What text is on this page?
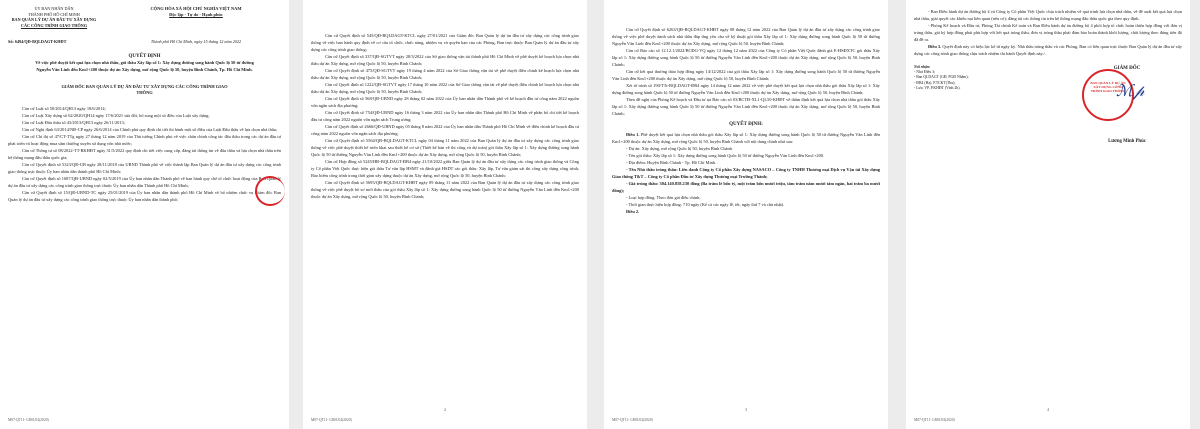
ỦY BAN NHÂN DÂN
THÀNH PHỐ HỒ CHÍ MINH
BAN QUẢN LÝ DỰ ÁN ĐẦU TƯ XÂY DỰNG
CÁC CÔNG TRÌNH GIAO THÔNG
CỘNG HÒA XÃ HỘI CHỦ NGHĨA VIỆT NAM
Độc lập - Tự do - Hạnh phúc
Số: 6494/QĐ-BQLDAGT-KHĐT	Thành phố Hồ Chí Minh, ngày 15 tháng 12 năm 2022
QUYẾT ĐỊNH
Về việc phê duyệt kết quả lựa chọn nhà thầu, gói thầu Xây lắp số 1: Xây dựng đường song hành Quốc lộ 50 từ đường Nguyễn Văn Linh đến Km1+200 thuộc dự án Xây dựng, mở rộng Quốc lộ 50, huyện Bình Chánh, Tp. Hồ Chí Minh.
GIÁM ĐỐC BAN QUẢN LÝ DỰ ÁN ĐẦU TƯ XÂY DỰNG CÁC CÔNG TRÌNH GIAO THÔNG

Căn cứ Luật số 50/2014/QH13 ngày 18/6/2014;

Căn cứ Luật Xây dựng số 62/2020/QH14 ngày 17/6/2021 sửa đổi, bổ sung một số điều của Luật xây dựng;

Căn cứ Luật Đấu thầu số 43/2013/QH13 ngày 26/11/2013;

Căn cứ Nghị định 63/2014/NĐ-CP ngày 26/6/2014 của Chính phủ quy định chi tiết thi hành một số điều của Luật Đấu thầu về lựa chọn nhà thầu;

Căn cứ Chỉ thị số 47/CT-TTg ngày 27 tháng 12 năm 2019 của Thủ tướng Chính phủ về việc chấn chỉnh công tác đấu thầu trong các dự án đầu tư phát triển và hoạt động mua sắm thường xuyên sử dụng vốn nhà nước;

Căn cứ Thông tư số 08/2022-TT-BKHĐT ngày 31/5/2022 quy định chi tiết việc cung cấp, đăng tải thông tin về đấu thầu và lựa chọn nhà thầu trên hệ thống mạng đấu thầu quốc gia;

Căn cứ Quyết định số 5323/QĐ-UB ngày 28/11/2018 của UBND Thành phố về việc thành lập Ban Quản lý dự án đầu tư xây dựng các công trình giao thông trực thuộc Ủy ban nhân dân thành phố Hồ Chí Minh;

Căn cứ Quyết định số 1687/QĐ-UBND ngày 02/5/2019 của Ủy ban nhân dân Thành phố về ban hành quy chế tổ chức hoạt động của Ban Quản lý dự án đầu tư xây dựng các công trình giao thông trực thuộc Ủy ban nhân dân Thành phố Hồ Chí Minh;

Căn cứ Quyết định số 15/QĐ-UBND-TC ngày 25/01/2019 của Ủy ban nhân dân thành phố Hồ Chí Minh về bổ nhiệm chức vụ Giám đốc Ban Quản lý dự án đầu tư xây dựng các công trình giao thông trực thuộc Ủy ban nhân dân thành phố;

M07-QT11- LB01/02(2020)

Căn cứ Quyết định số 545/QĐ-BQLDAGT-KTCL ngày 27/01/2021 của Giám đốc Ban Quản lý dự án đầu tư xây dựng các công trình giao thông về việc ban hành quy định về cơ cấu tổ chức, chức năng, nhiệm vụ và quyền hạn của các Phòng, Ban trực thuộc Ban Quản lý dự án đầu tư xây dựng các công trình giao thông;

Căn cứ Quyết định số 337/QĐ-SGTVT ngày 28/3/2022 của Sở giao thông vận tải thành phố Hồ Chí Minh về phê duyệt kế hoạch lựa chọn nhà thầu dự án Xây dựng, mở rộng Quốc lộ 50, huyện Bình Chánh;

Căn cứ Quyết định số 475/QĐ-SGTVT ngày 19 tháng 4 năm 2022 của Sở Giao thông vận tải về phê duyệt điều chỉnh kế hoạch lựa chọn nhà thầu dự án Xây dựng, mở rộng Quốc lộ 50, huyện Bình Chánh;

Căn cứ Quyết định số 1222/QĐ-SGTVT ngày 17 tháng 10 năm 2022 của Sở Giao thông vận tải về phê duyệt điều chỉnh kế hoạch lựa chọn nhà thầu dự án Xây dựng, mở rộng Quốc lộ 50, huyện Bình Chánh;

Căn cứ Quyết định số 568/QĐ-UBND ngày 28 tháng 02 năm 2022 của Ủy ban nhân dân Thành phố về kế hoạch đầu tư công năm 2022 nguồn vốn ngân sách địa phương;

Căn cứ Quyết định số 754/QĐ-UBND ngày 16 tháng 3 năm 2022 của Ủy ban nhân dân Thành phố Hồ Chí Minh về phân bổ chi tiết kế hoạch đầu tư công năm 2022 nguồn vốn ngân sách Trung ương;

Căn cứ Quyết định số 2666/QĐ-UBND ngày 05 tháng 8 năm 2022 của Ủy ban nhân dân Thành phố Hồ Chí Minh về điều chỉnh kế hoạch đầu tư công năm 2022 nguồn vốn ngân sách địa phương;

Căn cứ Quyết định số 5564/QĐ-BQLDAGT-KTCL ngày 04 tháng 11 năm 2022 của Ban Quản lý dự án đầu tư xây dựng các công trình giao thông về việc phê duyệt thiết kế triển khai sau thiết kế cơ sở (Thiết kế bản vẽ thi công và dự toán) gói thầu Xây lắp số 1: Xây dựng đường song hành Quốc lộ 50 từ đường Nguyễn Văn Linh đến Km1+200 thuộc dự án Xây dựng, mở rộng Quốc lộ 50, huyện Bình Chánh;

Căn cứ Hợp đồng số 5245/HĐ-BQLDAGT-ĐB4 ngày 21/10/2022 giữa Ban Quản lý dự án đầu tư xây dựng các công trình giao thông và Công ty Cổ phần Việt Quốc thực hiện gói thầu Tư vấn lập HSMT và đánh giá HSDT các gói thầu: Xây lắp, Tư vấn giám sát thi công xây dựng công trình, Bảo hiểm công trình trong thời gian xây dựng thuộc dự án Xây dựng, mở rộng Quốc lộ 50, huyện Bình Chánh;

Căn cứ Quyết định số 5695/QĐ-BQLDAGT-KHĐT ngày 09 tháng 11 năm 2022 của Ban Quản lý dự án đầu tư xây dựng các công trình giao thông về việc phê duyệt hồ sơ mời thầu của gói thầu Xây lắp số 1: Xây dựng đường song hành Quốc lộ 50 từ đường Nguyễn Văn Linh đến Km1+200 thuộc dự án Xây dựng, mở rộng Quốc lộ 50, huyện Bình Chánh;

2
M07-QT11- LB01/02(2020)

Căn cứ Quyết định số 6263/QĐ-BQLDAGT-KHĐT ngày 08 tháng 12 năm 2022 của Ban Quản lý dự án đầu tư xây dựng các công trình giao thông về việc phê duyệt danh sách nhà thầu đáp ứng yêu cầu về kỹ thuật gói thầu Xây lắp số 1: Xây dựng đường song hành Quốc lộ 50 từ đường Nguyễn Văn Linh đến Km1+200 thuộc dự án Xây dựng, mở rộng Quốc lộ 50, huyện Bình Chánh;

Căn cứ Báo cáo số 12.12.1/2022/BCĐG-VQ ngày 12 tháng 12 năm 2022 của Công ty Cổ phần Việt Quốc đánh giá E-HSĐXTC gói thầu Xây lắp số 1: Xây dựng đường song hành Quốc lộ 50 từ đường Nguyễn Văn Linh đến Km1+200 thuộc dự án Xây dựng, mở rộng Quốc lộ 50, huyện Bình Chánh;

Căn cứ kết quả thương thảo hợp đồng ngày 14/12/2022 của gói thầu Xây lắp số 1: Xây dựng đường song hành Quốc lộ 50 từ đường Nguyễn Văn Linh đến Km1+200 thuộc dự án Xây dựng, mở rộng Quốc lộ 50, huyện Bình Chánh;

Xét tờ trình số 190/TTr-BQLDAGT-ĐB4 ngày 14 tháng 12 năm 2022 về việc phê duyệt kết quả lựa chọn nhà thầu gói thầu Xây lắp số 1: Xây dựng đường song hành Quốc lộ 50 từ đường Nguyễn Văn Linh đến Km1+200 thuộc dự án Xây dựng, mở rộng Quốc lộ 50, huyện Bình Chánh;

Theo đề nghị của Phòng Kế hoạch và Đầu tư tại Báo cáo số 03/BCTĐ-XL1-QL50-KHĐT về thẩm định kết quả lựa chọn nhà thầu gói thầu Xây lắp số 1: Xây dựng đường song hành Quốc lộ 50 từ đường Nguyễn Văn Linh đến Km1+200 thuộc dự án Xây dựng, mở rộng Quốc lộ 50, huyện Bình Chánh;

QUYẾT ĐỊNH:

Điều 1. Phê duyệt kết quả lựa chọn nhà thầu gói thầu Xây lắp số 1: Xây dựng đường song hành Quốc lộ 50 từ đường Nguyễn Văn Linh đến Km1+200 thuộc dự án Xây dựng, mở rộng Quốc lộ 50, huyện Bình Chánh với nội dung chính như sau:

- Dự án: Xây dựng, mở rộng Quốc lộ 50, huyện Bình Chánh.

- Tên gói thầu: Xây lắp số 1: Xây dựng đường song hành Quốc lộ 50 từ đường Nguyễn Văn Linh đến Km1+200.

- Địa điểm: Huyện Bình Chánh - Tp. Hồ Chí Minh.

- Tên Nhà thầu trúng thầu: Liên danh Công ty Cổ phần Xây dựng NASACO – Công ty TNHH Thương mại Dịch vụ Vận tải Xây dựng Giao thông T&T – Công ty Cổ phần Đầu tư Xây dựng Thương mại Trường Thành;

- Giá trúng thầu: 304.140.858.230 đồng (Ba trăm lẻ bốn tỷ, một trăm bốn mươi triệu, tám trăm năm mươi tám ngàn, hai trăm ba mươi đồng);

- Loại hợp đồng: Theo đơn giá điều chỉnh;

- Thời gian thực hiện hợp đồng: 710 ngày (Kể cả các ngày lễ, tết; ngày thứ 7 và chủ nhật).

Điều 2.

3
M07-QT11- LB01/02(2020)

- Ban Điều hành dự án đường bộ 4 và Công ty Cổ phần Việt Quốc chịu trách nhiệm về quá trình lựa chọn nhà thầu, về đề xuất kết quả lựa chọn nhà thầu, giải quyết các khiếu nại liên quan (nếu có); đăng tải các thông tin trên hệ thống mạng đấu thầu quốc gia theo quy định.

- Phòng Kế hoạch và Đầu tư, Phòng Tài chính Kế toán và Ban Điều hành dự án đường bộ 4 phối hợp tổ chức hoàn thiện hợp đồng với đơn vị trúng thầu, giá ký hợp đồng phải phù hợp với kết quả trúng thầu, đơn vị trúng thầu phải đảm bảo hoàn thành khối lượng, chất lượng theo đúng tiến độ đã đề ra.

Điều 3. Quyết định này có hiệu lực kể từ ngày ký. Nhà thầu trúng thầu và các Phòng, Ban có liên quan trực thuộc Ban Quản lý dự án đầu tư xây dựng các công trình giao thông chịu trách nhiệm thi hành Quyết định này./.

Nơi nhận:
- Như Điều 3;
- Ban QLDAGT (GĐ, PGĐ Nhâm);
- ĐB4 (Hạ), P.TCKT(Thu);
- Lưu: VP, P.KHĐT (Vinh 2b).
GIÁM ĐỐC
BAN QUẢN LÝ DỰ ÁN XÂY DỰNG CÔNG TRÌNH GIAO THÔNG
ℳ𝓅
Lương Minh Phúc
4
M07-QT11- LB01/02(2020)
